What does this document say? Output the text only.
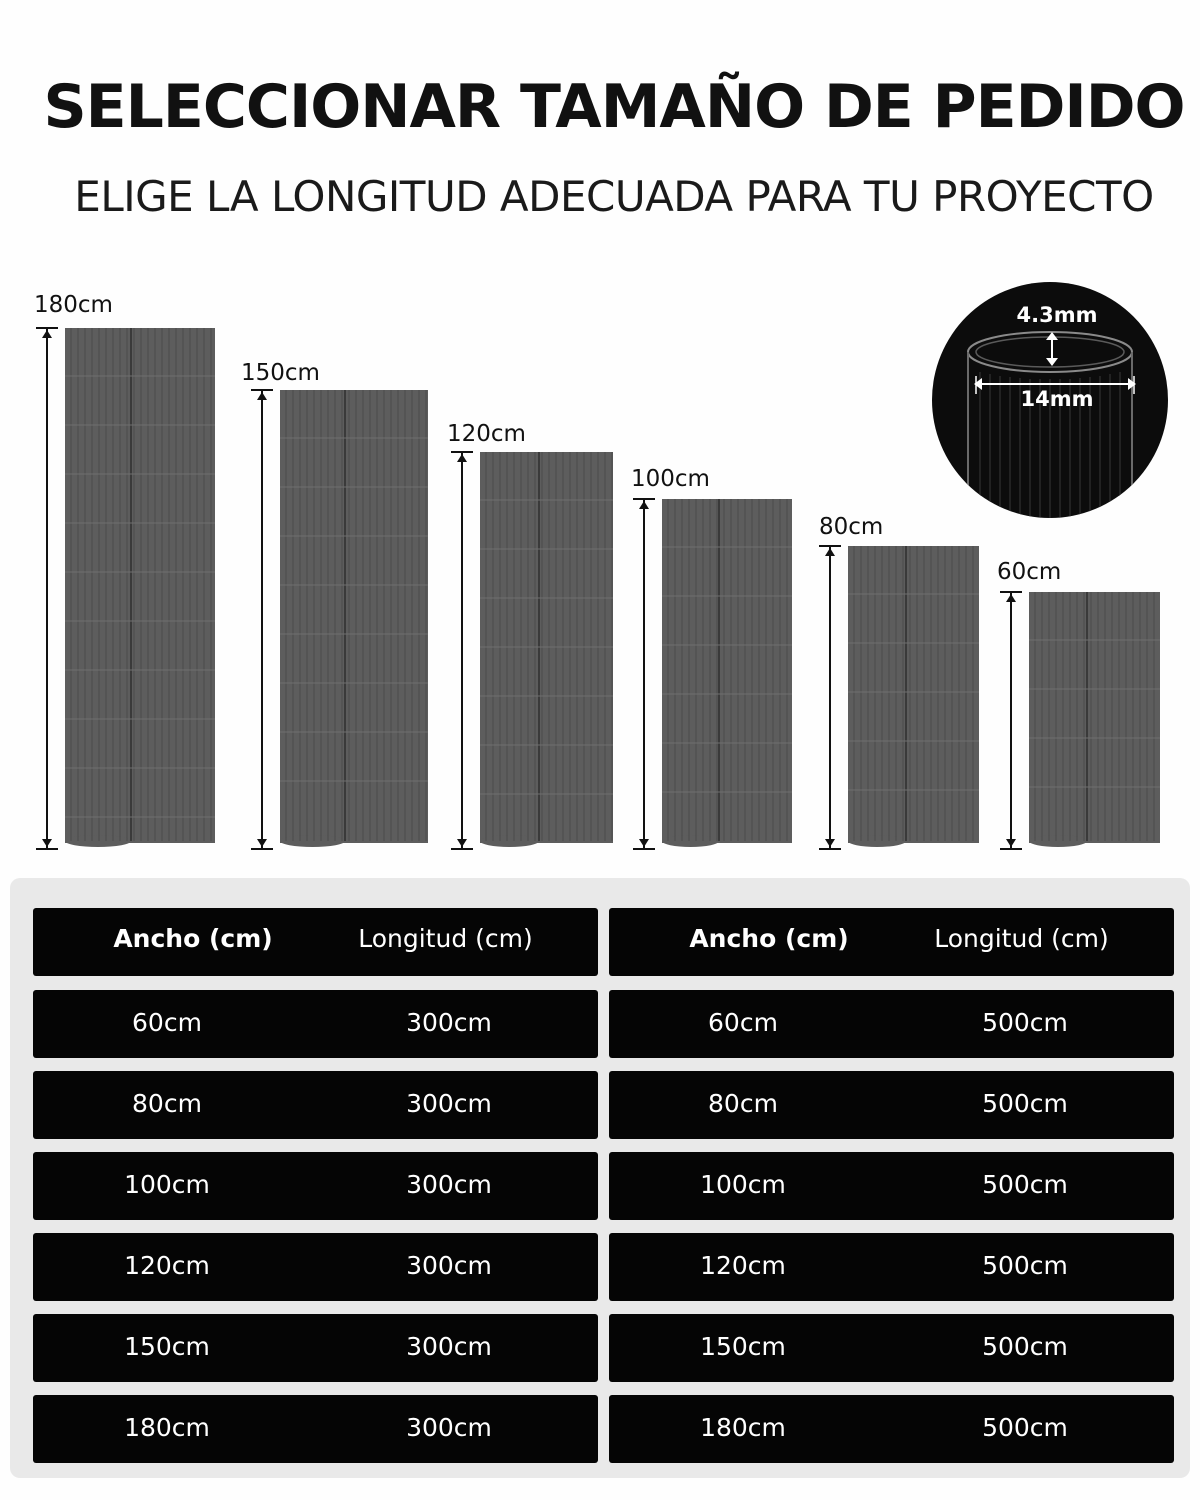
SELECCIONAR TAMAÑO DE PEDIDO
ELIGE LA LONGITUD ADECUADA PARA TU PROYECTO
180cm
150cm
120cm
100cm
80cm
60cm
4.3mm
14mm
Ancho (cm)	Longitud (cm)
60cm	300cm
80cm	300cm
100cm	300cm
120cm	300cm
150cm	300cm
180cm	300cm
Ancho (cm)	Longitud (cm)
60cm	500cm
80cm	500cm
100cm	500cm
120cm	500cm
150cm	500cm
180cm	500cm
